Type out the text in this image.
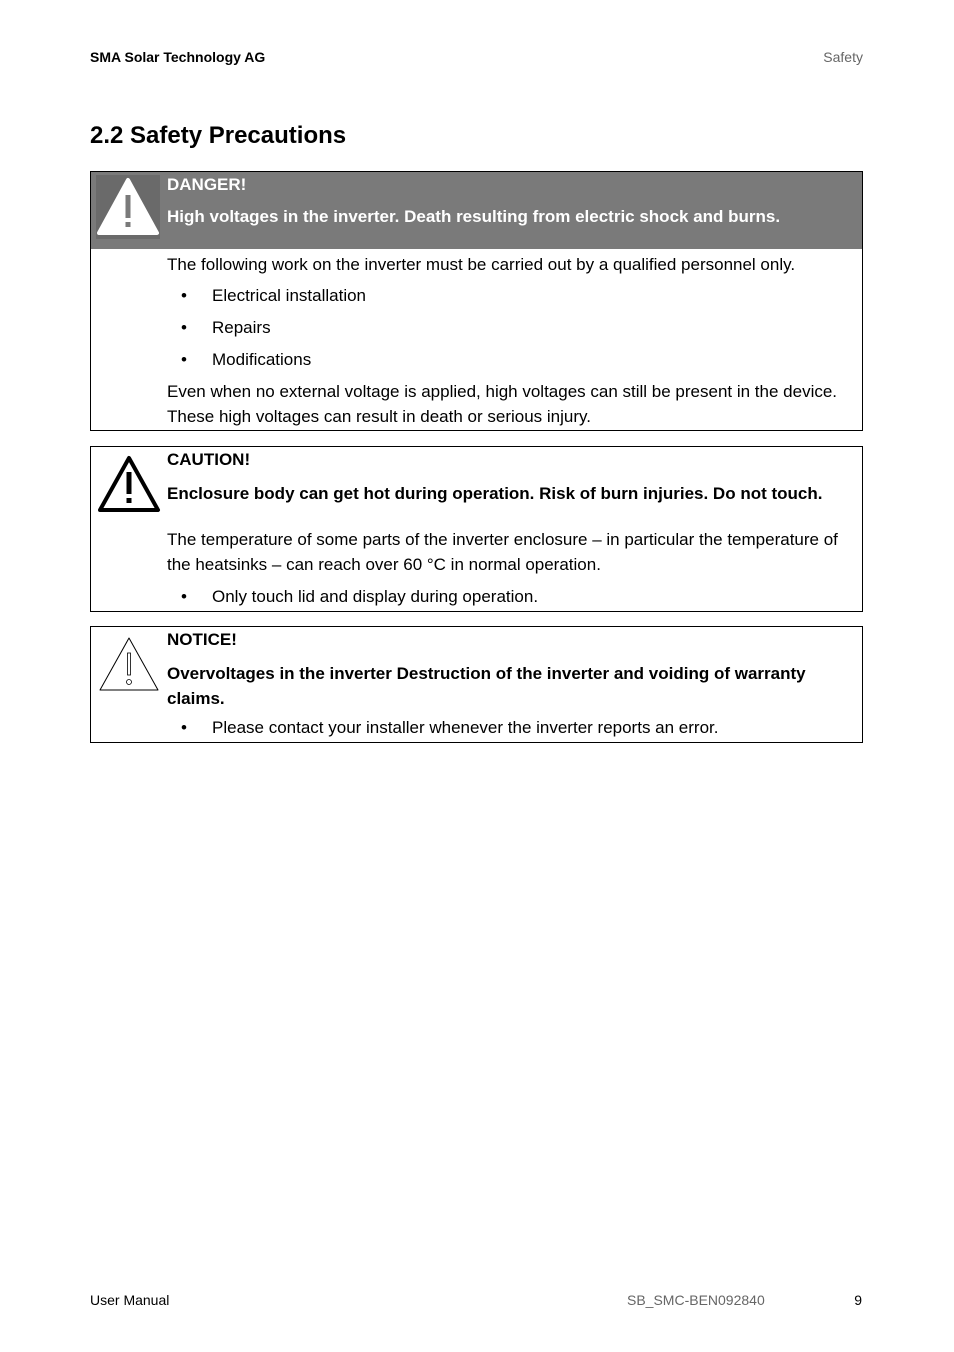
SMA Solar Technology AG	Safety
2.2 Safety Precautions
DANGER!
High voltages in the inverter. Death resulting from electric shock and burns.

The following work on the inverter must be carried out by a qualified personnel only.

• Electrical installation
• Repairs
• Modifications

Even when no external voltage is applied, high voltages can still be present in the device. These high voltages can result in death or serious injury.

CAUTION!
Enclosure body can get hot during operation. Risk of burn injuries. Do not touch.

The temperature of some parts of the inverter enclosure – in particular the temperature of the heatsinks – can reach over 60 °C in normal operation.

• Only touch lid and display during operation.
NOTICE!
Overvoltages in the inverter Destruction of the inverter and voiding of warranty claims.
• Please contact your installer whenever the inverter reports an error.
User Manual	SB_SMC-BEN092840	9
